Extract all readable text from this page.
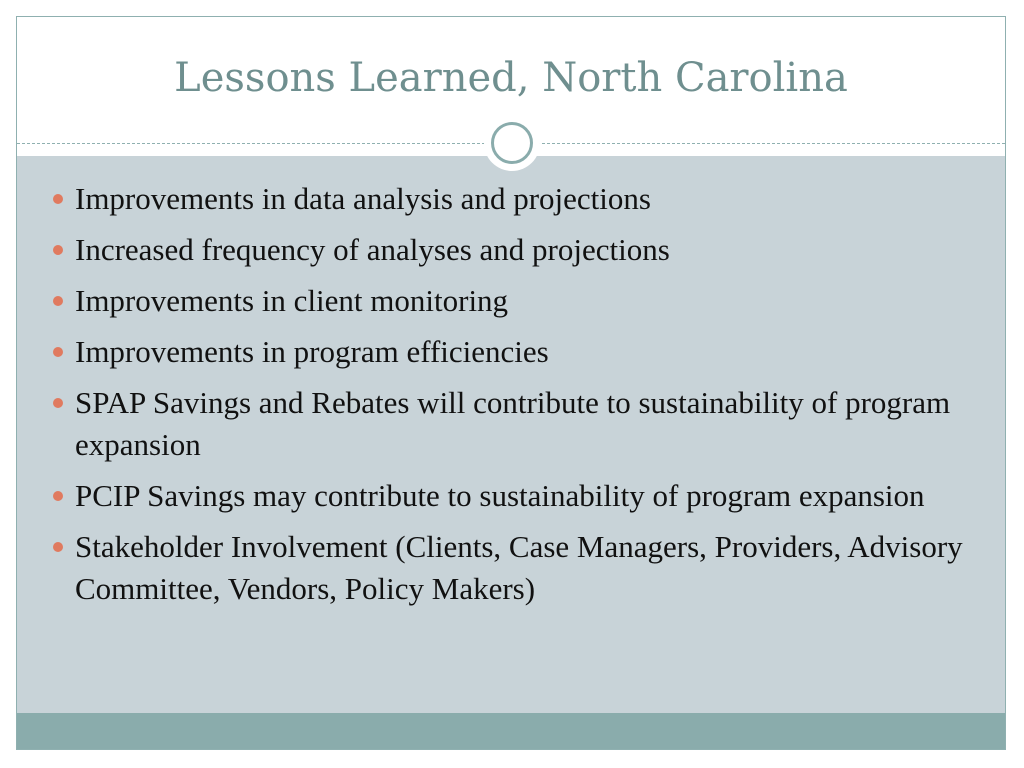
Lessons Learned, North Carolina
Improvements in data analysis and projections
Increased frequency of analyses and projections
Improvements in client monitoring
Improvements in program efficiencies
SPAP Savings and Rebates will contribute to sustainability of program expansion
PCIP Savings may contribute to sustainability of program expansion
Stakeholder Involvement (Clients, Case Managers, Providers, Advisory Committee, Vendors, Policy Makers)
